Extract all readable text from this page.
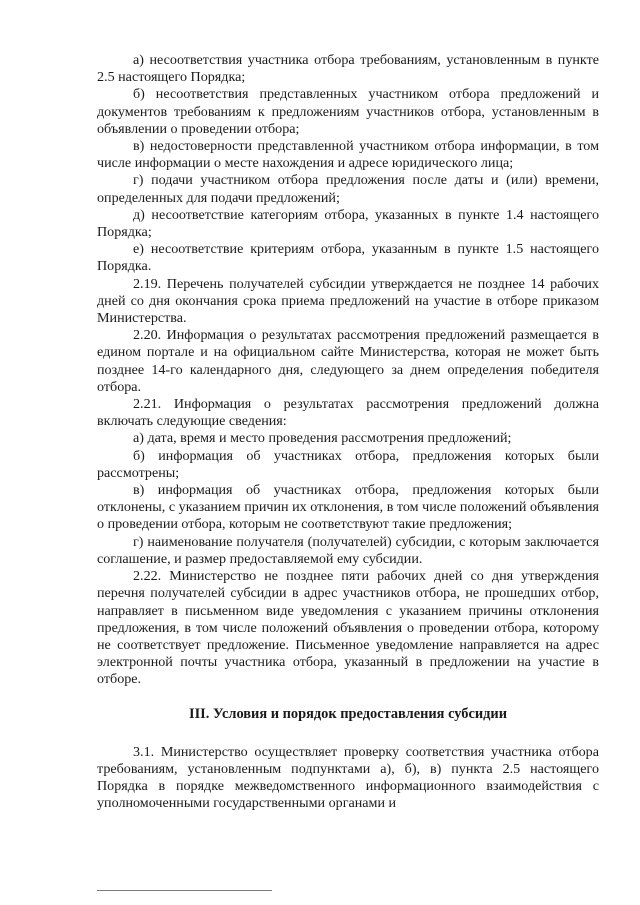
а) несоответствия участника отбора требованиям, установленным в пункте 2.5 настоящего Порядка;

б) несоответствия представленных участником отбора предложений и документов требованиям к предложениям участников отбора, установленным в объявлении о проведении отбора;

в) недостоверности представленной участником отбора информации, в том числе информации о месте нахождения и адресе юридического лица;

г) подачи участником отбора предложения после даты и (или) времени, определенных для подачи предложений;

д) несоответствие категориям отбора, указанных в пункте 1.4 настоящего Порядка;

е) несоответствие критериям отбора, указанным в пункте 1.5 настоящего Порядка.

2.19. Перечень получателей субсидии утверждается не позднее 14 рабочих дней со дня окончания срока приема предложений на участие в отборе приказом Министерства.

2.20. Информация о результатах рассмотрения предложений размещается в едином портале и на официальном сайте Министерства, которая не может быть позднее 14-го календарного дня, следующего за днем определения победителя отбора.

2.21. Информация о результатах рассмотрения предложений должна включать следующие сведения:

а) дата, время и место проведения рассмотрения предложений;

б) информация об участниках отбора, предложения которых были рассмотрены;

в) информация об участниках отбора, предложения которых были отклонены, с указанием причин их отклонения, в том числе положений объявления о проведении отбора, которым не соответствуют такие предложения;

г) наименование получателя (получателей) субсидии, с которым заключается соглашение, и размер предоставляемой ему субсидии.

2.22. Министерство не позднее пяти рабочих дней со дня утверждения перечня получателей субсидии в адрес участников отбора, не прошедших отбор, направляет в письменном виде уведомления с указанием причины отклонения предложения, в том числе положений объявления о проведении отбора, которому не соответствует предложение. Письменное уведомление направляется на адрес электронной почты участника отбора, указанный в предложении на участие в отборе.

III. Условия и порядок предоставления субсидии

3.1. Министерство осуществляет проверку соответствия участника отбора требованиям, установленным подпунктами а), б), в) пункта 2.5 настоящего Порядка в порядке межведомственного информационного взаимодействия с уполномоченными государственными органами и
